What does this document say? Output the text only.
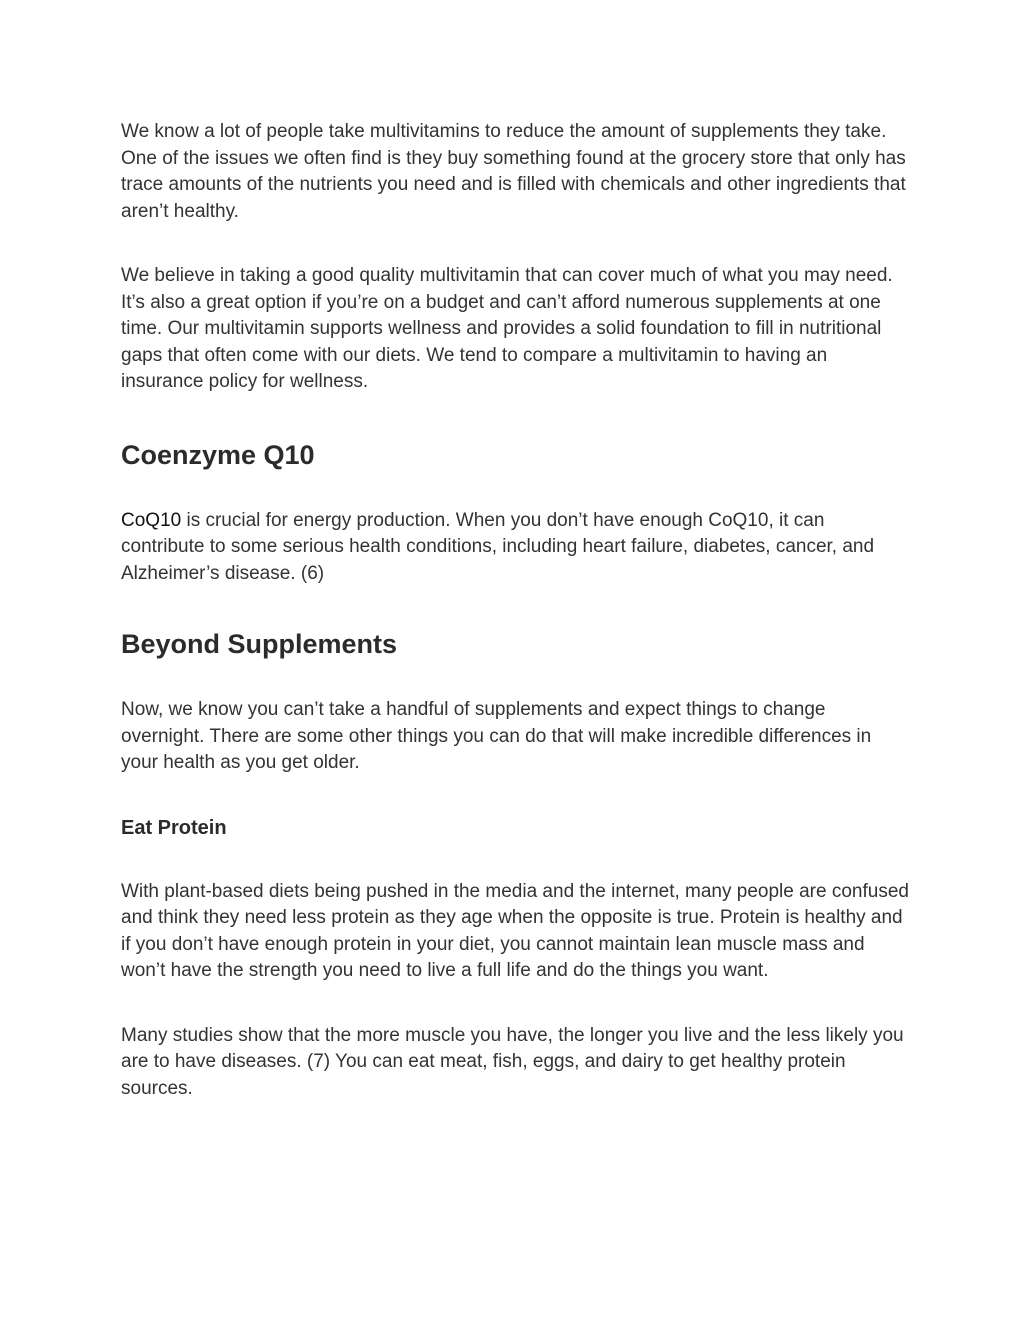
We know a lot of people take multivitamins to reduce the amount of supplements they take. One of the issues we often find is they buy something found at the grocery store that only has trace amounts of the nutrients you need and is filled with chemicals and other ingredients that aren’t healthy.

We believe in taking a good quality multivitamin that can cover much of what you may need. It’s also a great option if you’re on a budget and can’t afford numerous supplements at one time. Our multivitamin supports wellness and provides a solid foundation to fill in nutritional gaps that often come with our diets. We tend to compare a multivitamin to having an insurance policy for wellness.

Coenzyme Q10

CoQ10 is crucial for energy production. When you don’t have enough CoQ10, it can contribute to some serious health conditions, including heart failure, diabetes, cancer, and Alzheimer’s disease. (6)

Beyond Supplements

Now, we know you can’t take a handful of supplements and expect things to change overnight. There are some other things you can do that will make incredible differences in your health as you get older.

Eat Protein

With plant-based diets being pushed in the media and the internet, many people are confused and think they need less protein as they age when the opposite is true. Protein is healthy and if you don’t have enough protein in your diet, you cannot maintain lean muscle mass and won’t have the strength you need to live a full life and do the things you want.

Many studies show that the more muscle you have, the longer you live and the less likely you are to have diseases. (7) You can eat meat, fish, eggs, and dairy to get healthy protein sources.
